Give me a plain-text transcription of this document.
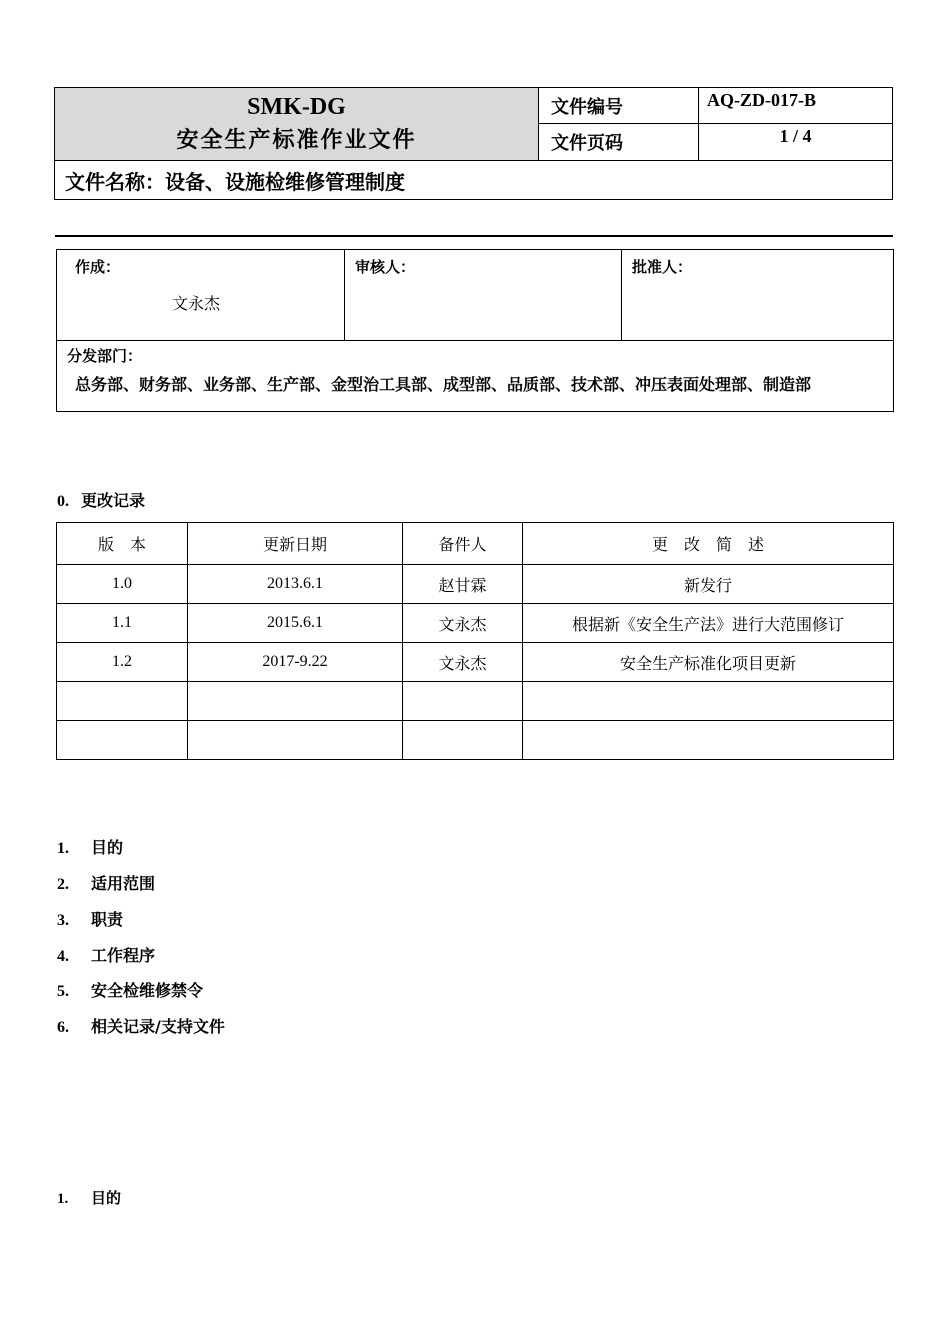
SMK-DG
安全生产标准作业文件	文件编号	AQ-ZD-017-B
	文件页码	1 / 4
文件名称：设备、设施检维修管理制度		
作成：
文永杰

审核人：	批准人：

分发部门：
总务部、财务部、业务部、生产部、金型治工具部、成型部、品质部、技术部、冲压表面处理部、制造部
0. 更改记录
版　本	更新日期	备件人	更　改　简　述
1.0	2013.6.1	赵甘霖	新发行
1.1	2015.6.1	文永杰	根据新《安全生产法》进行大范围修订
1.2	2017-9.22	文永杰	安全生产标准化项目更新

1. 目的
2. 适用范围
3. 职责
4. 工作程序
5. 安全检维修禁令
6. 相关记录/支持文件
1. 目的
